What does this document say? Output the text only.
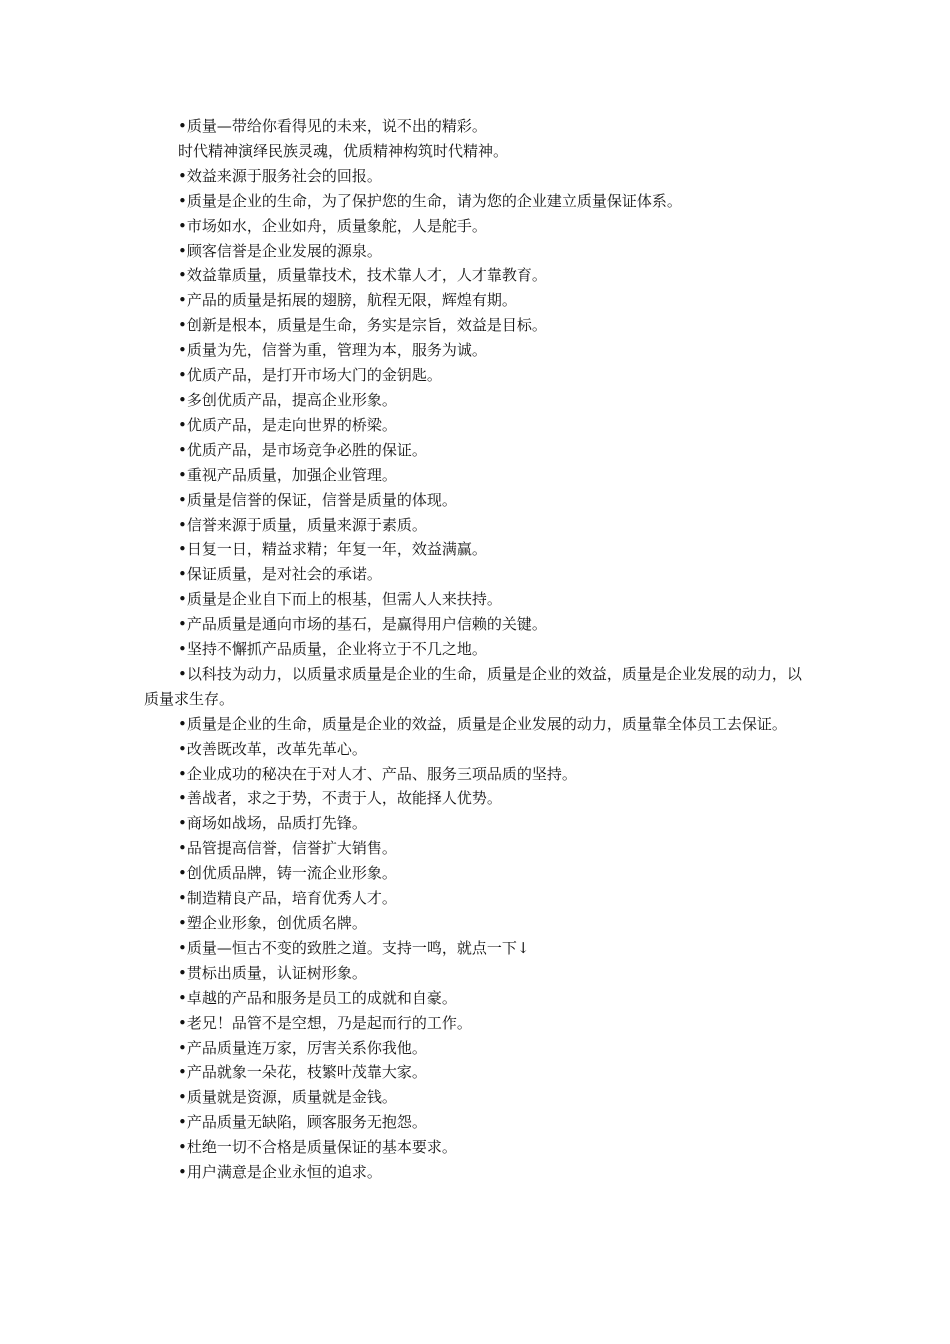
•质量—带给你看得见的未来，说不出的精彩。

时代精神演绎民族灵魂，优质精神构筑时代精神。

•效益来源于服务社会的回报。

•质量是企业的生命，为了保护您的生命，请为您的企业建立质量保证体系。

•市场如水，企业如舟，质量象舵，人是舵手。

•顾客信誉是企业发展的源泉。

•效益靠质量，质量靠技术，技术靠人才，人才靠教育。

•产品的质量是拓展的翅膀，航程无限，辉煌有期。

•创新是根本，质量是生命，务实是宗旨，效益是目标。

•质量为先，信誉为重，管理为本，服务为诚。

•优质产品，是打开市场大门的金钥匙。

•多创优质产品，提高企业形象。

•优质产品，是走向世界的桥梁。

•优质产品，是市场竞争必胜的保证。

•重视产品质量，加强企业管理。

•质量是信誉的保证，信誉是质量的体现。

•信誉来源于质量，质量来源于素质。

•日复一日，精益求精；年复一年，效益满赢。

•保证质量，是对社会的承诺。

•质量是企业自下而上的根基，但需人人来扶持。

•产品质量是通向市场的基石，是赢得用户信赖的关键。

•坚持不懈抓产品质量，企业将立于不几之地。

•以科技为动力，以质量求质量是企业的生命，质量是企业的效益，质量是企业发展的动力，以质量求生存。

•质量是企业的生命，质量是企业的效益，质量是企业发展的动力，质量靠全体员工去保证。

•改善既改革，改革先革心。

•企业成功的秘决在于对人才、产品、服务三项品质的坚持。

•善战者，求之于势，不责于人，故能择人优势。

•商场如战场，品质打先锋。

•品管提高信誉，信誉扩大销售。

•创优质品牌，铸一流企业形象。

•制造精良产品，培育优秀人才。

•塑企业形象，创优质名牌。

•质量—恒古不变的致胜之道。支持一鸣，就点一下↓

•贯标出质量，认证树形象。

•卓越的产品和服务是员工的成就和自豪。

•老兄！品管不是空想，乃是起而行的工作。

•产品质量连万家，厉害关系你我他。

•产品就象一朵花，枝繁叶茂靠大家。

•质量就是资源，质量就是金钱。

•产品质量无缺陷，顾客服务无抱怨。

•杜绝一切不合格是质量保证的基本要求。

•用户满意是企业永恒的追求。
